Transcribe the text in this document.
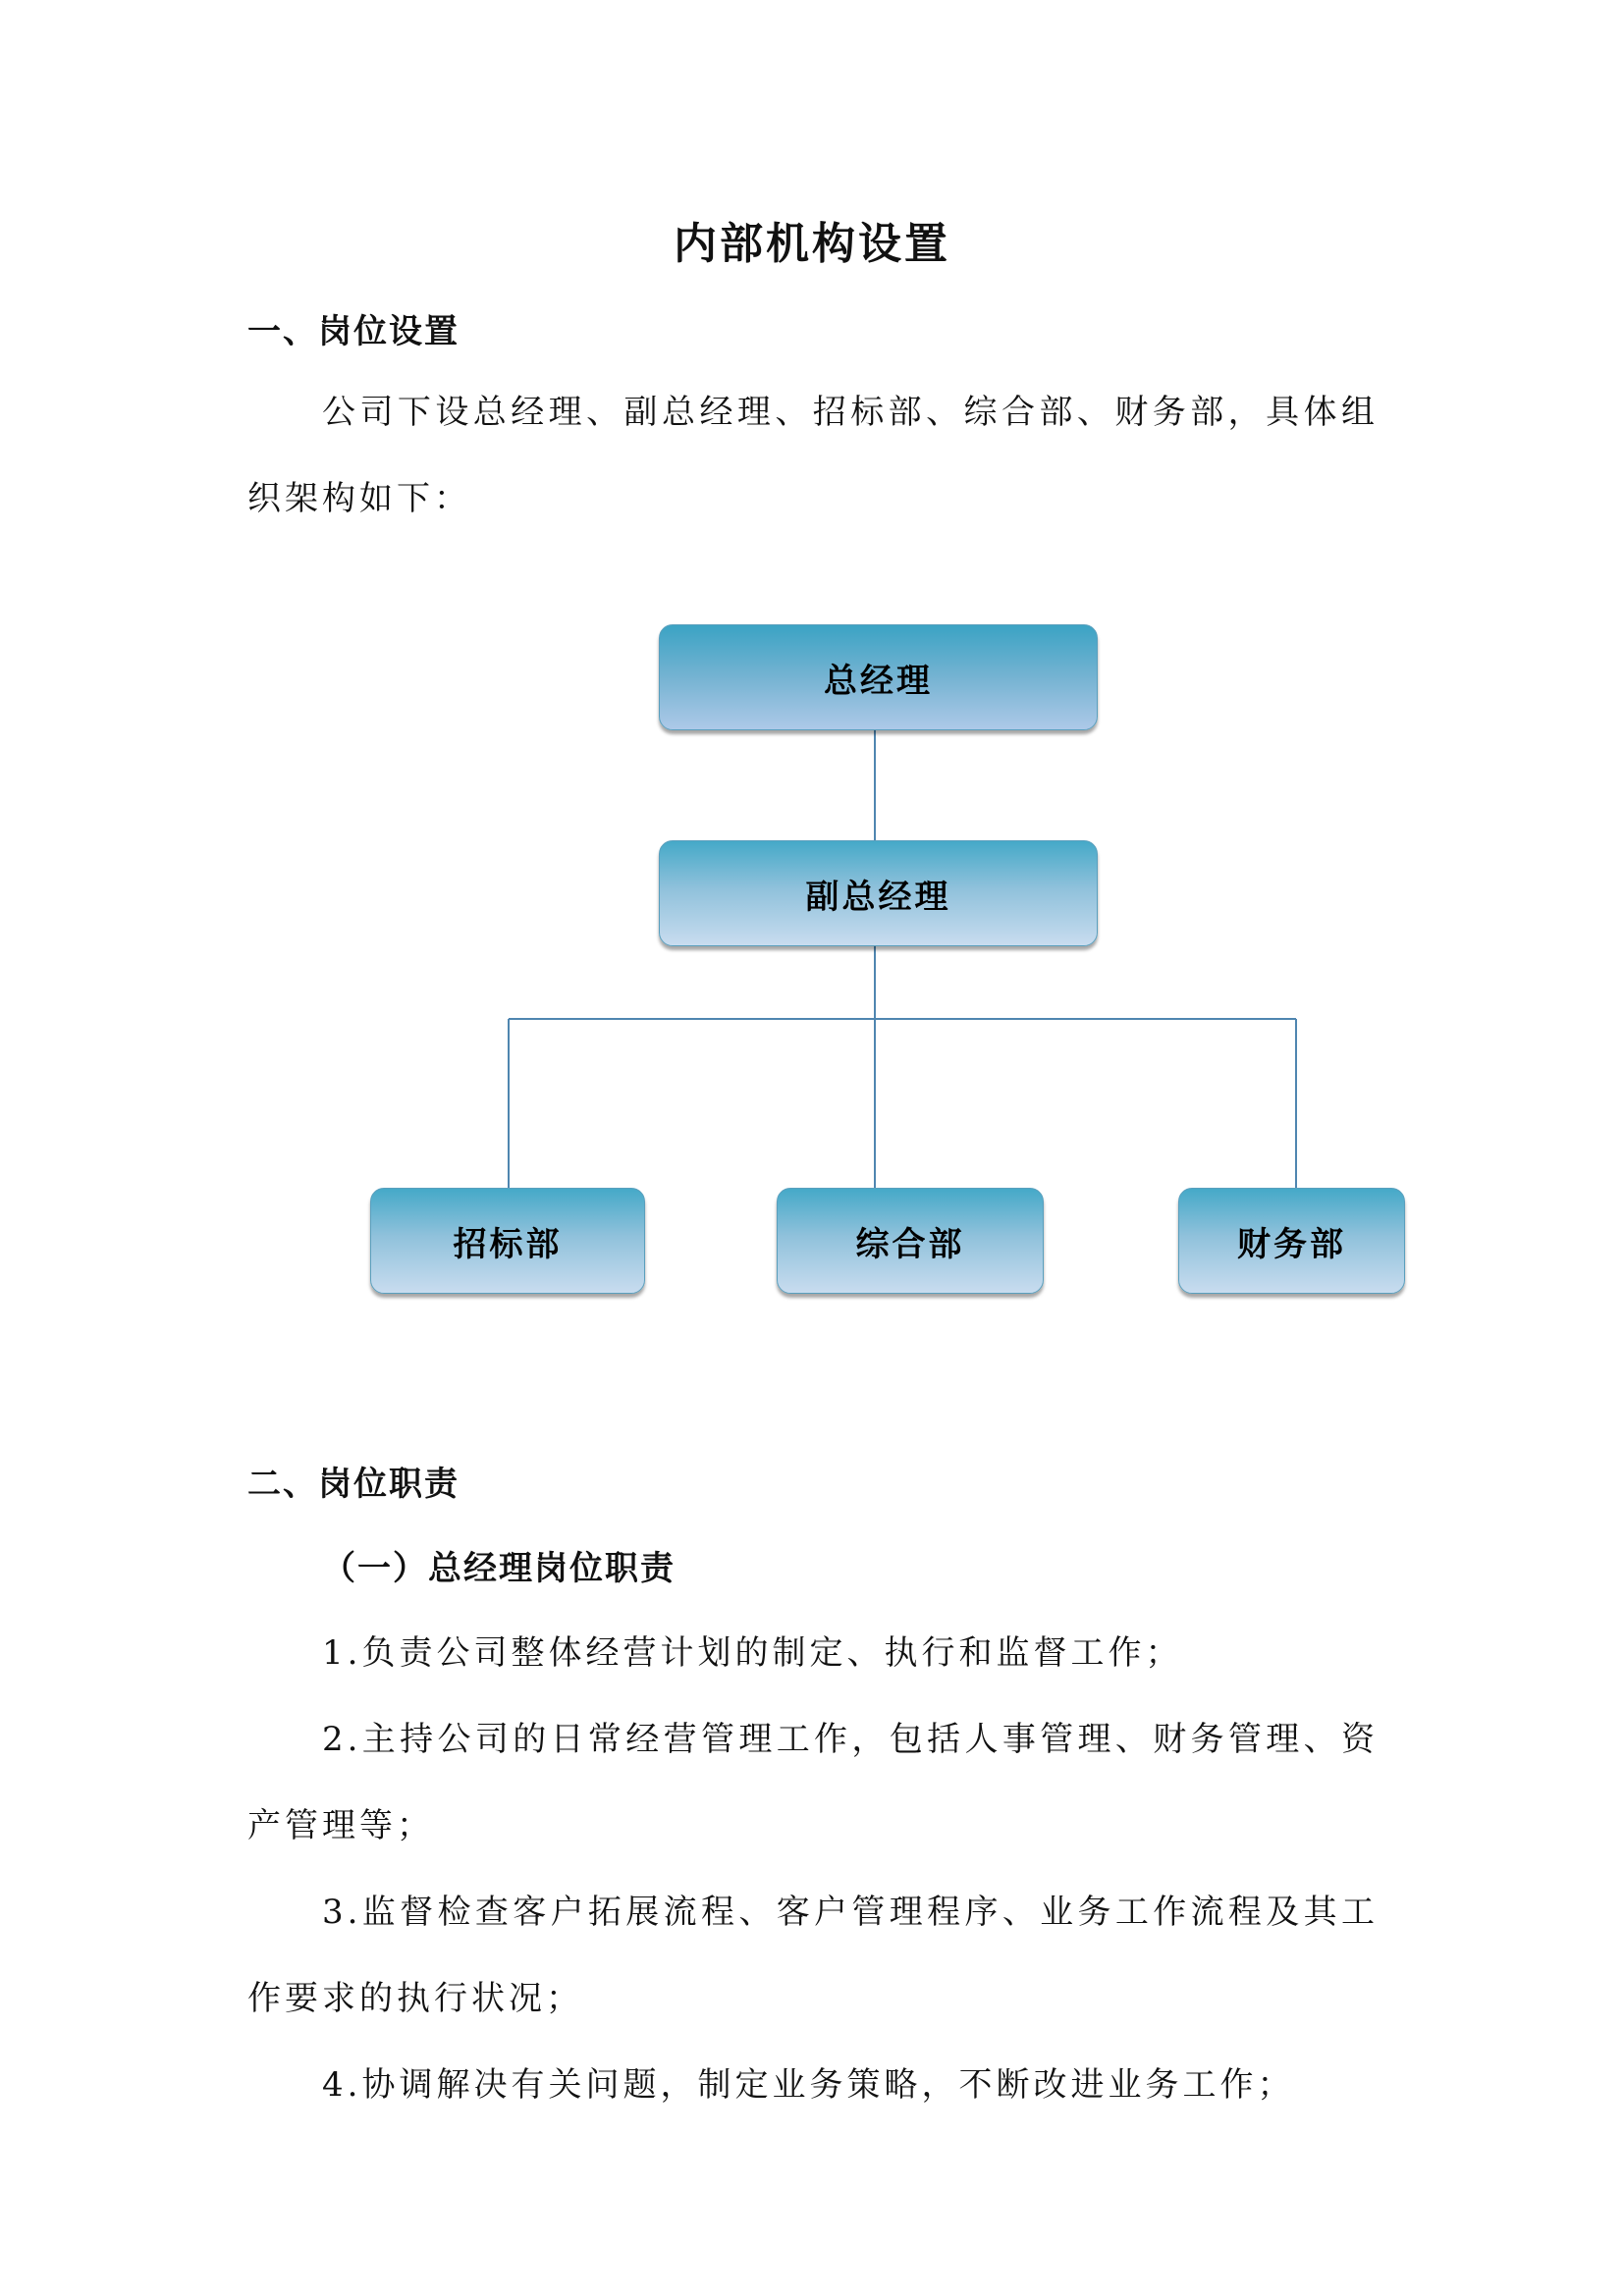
内部机构设置
一、岗位设置

公司下设总经理、副总经理、招标部、综合部、财务部，具体组织架构如下：

总经理
副总经理
招标部	综合部	财务部
二、岗位职责
（一）总经理岗位职责

1.负责公司整体经营计划的制定、执行和监督工作；

2.主持公司的日常经营管理工作，包括人事管理、财务管理、资产管理等；

3.监督检查客户拓展流程、客户管理程序、业务工作流程及其工作要求的执行状况；

4.协调解决有关问题，制定业务策略，不断改进业务工作；
